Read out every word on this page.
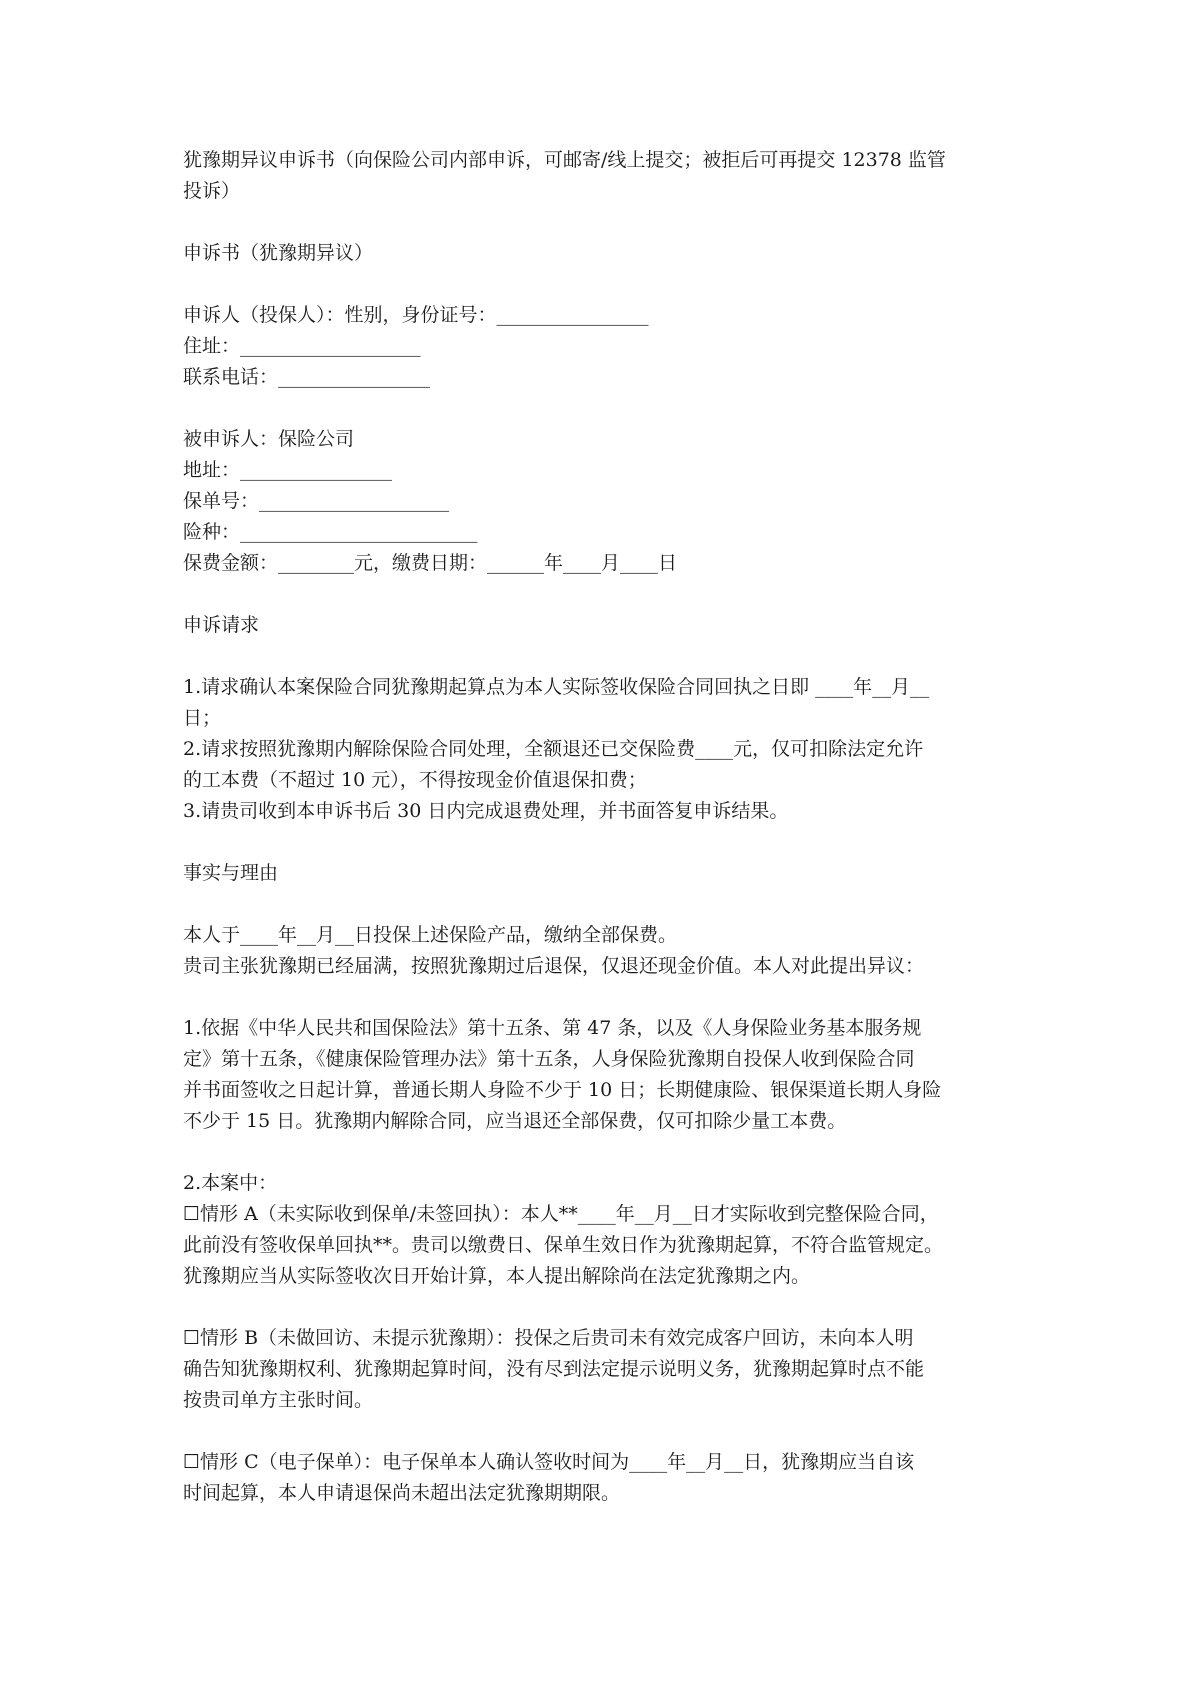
犹豫期异议申诉书（向保险公司内部申诉，可邮寄/线上提交；被拒后可再提交 12378 监管
投诉）
申诉书（犹豫期异议）
申诉人（投保人）：性别，身份证号：________________
住址：___________________
联系电话：________________
被申诉人：保险公司
地址：________________
保单号：____________________
险种：_________________________
保费金额：________元，缴费日期：______年____月____日
申诉请求
1.请求确认本案保险合同犹豫期起算点为本人实际签收保险合同回执之日即 ____年__月__
日；
2.请求按照犹豫期内解除保险合同处理，全额退还已交保险费____元，仅可扣除法定允许
的工本费（不超过 10 元），不得按现金价值退保扣费；
3.请贵司收到本申诉书后 30 日内完成退费处理，并书面答复申诉结果。
事实与理由
本人于____年__月__日投保上述保险产品，缴纳全部保费。
贵司主张犹豫期已经届满，按照犹豫期过后退保，仅退还现金价值。本人对此提出异议：
1.依据《中华人民共和国保险法》第十五条、第 47 条，以及《人身保险业务基本服务规
定》第十五条，《健康保险管理办法》第十五条，人身保险犹豫期自投保人收到保险合同
并书面签收之日起计算，普通长期人身险不少于 10 日；长期健康险、银保渠道长期人身险
不少于 15 日。犹豫期内解除合同，应当退还全部保费，仅可扣除少量工本费。
2.本案中：
☐情形 A（未实际收到保单/未签回执）：本人**____年__月__日才实际收到完整保险合同，
此前没有签收保单回执**。贵司以缴费日、保单生效日作为犹豫期起算，不符合监管规定。
犹豫期应当从实际签收次日开始计算，本人提出解除尚在法定犹豫期之内。
☐情形 B（未做回访、未提示犹豫期）：投保之后贵司未有效完成客户回访，未向本人明
确告知犹豫期权利、犹豫期起算时间，没有尽到法定提示说明义务，犹豫期起算时点不能
按贵司单方主张时间。
☐情形 C（电子保单）：电子保单本人确认签收时间为____年__月__日，犹豫期应当自该
时间起算，本人申请退保尚未超出法定犹豫期期限。
